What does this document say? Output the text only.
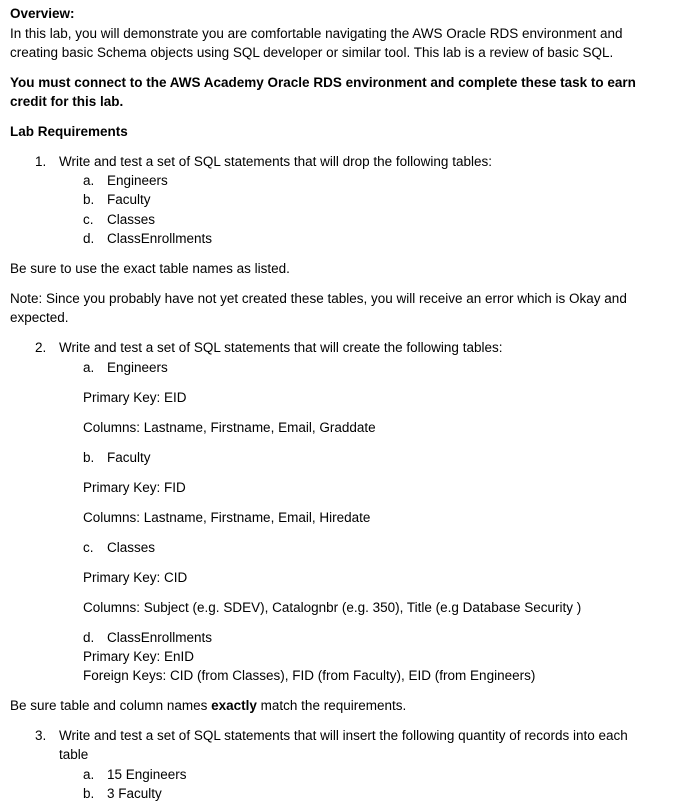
Overview:
In this lab, you will demonstrate you are comfortable navigating the AWS Oracle RDS environment and
creating basic Schema objects using SQL developer or similar tool. This lab is a review of basic SQL.
You must connect to the AWS Academy Oracle RDS environment and complete these task to earn
credit for this lab.
Lab Requirements
1. Write and test a set of SQL statements that will drop the following tables:
a. Engineers
b. Faculty
c. Classes
d. ClassEnrollments
Be sure to use the exact table names as listed.
Note: Since you probably have not yet created these tables, you will receive an error which is Okay and
expected.
2. Write and test a set of SQL statements that will create the following tables:
a. Engineers
Primary Key: EID
Columns: Lastname, Firstname, Email, Graddate
b. Faculty
Primary Key: FID
Columns: Lastname, Firstname, Email, Hiredate
c. Classes
Primary Key: CID
Columns: Subject (e.g. SDEV), Catalognbr (e.g. 350), Title (e.g Database Security )
d. ClassEnrollments
Primary Key: EnID
Foreign Keys: CID (from Classes), FID (from Faculty), EID (from Engineers)
Be sure table and column names exactly match the requirements.
3. Write and test a set of SQL statements that will insert the following quantity of records into each
table
a. 15 Engineers
b. 3 Faculty
